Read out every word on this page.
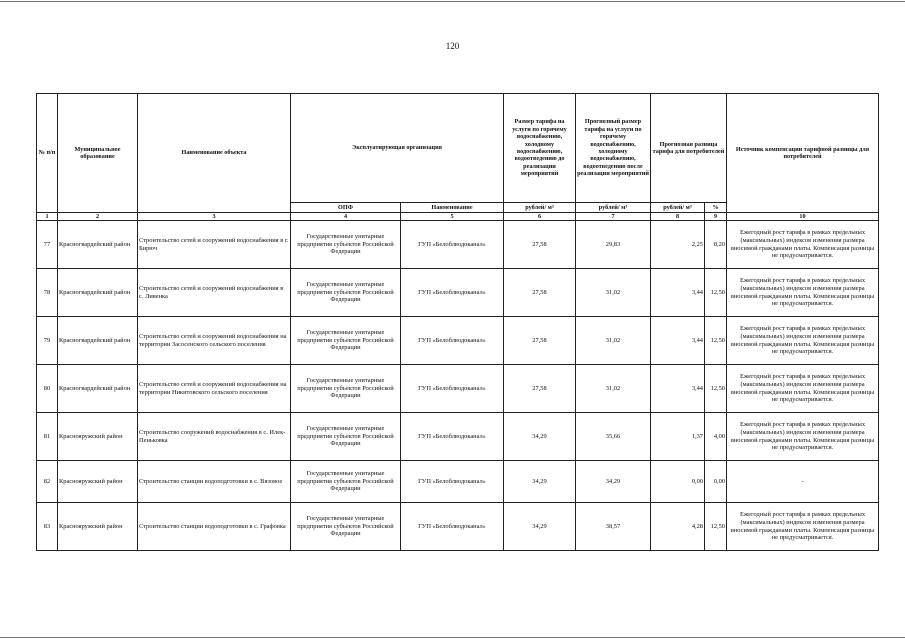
120
№ п/п	Муниципальное образование	Наименование объекта	Эксплуатирующая организация		Размер тарифа на услуги по горячему водоснабжению, холодному водоснабжению, водоотведению до реализации мероприятий	Прогнозный размер тарифа на услуги по горячему водоснабжению, холодному водоснабжению, водоотведению после реализации мероприятий	Прогнозная разница тарифа для потребителей		Источник компенсации тарифной разницы для потребителей
			ОПФ	Наименование	рублей/ м³	рублей/ м³	рублей/ м³	%	
1	2	3	4	5	6	7	8	9	10
77	Красногвардейский район	Строительство сетей и сооружений водоснабжения в г. Бирюч	Государственные унитарные предприятия субъектов Российской Федерации	ГУП «Белоблводоканал»	27,58	29,83	2,25	8,20	Ежегодный рост тарифа в рамках предельных (максимальных) индексов изменения размера вносимой гражданами платы. Компенсация разницы не предусматривается.
78	Красногвардейский район	Строительство сетей и сооружений водоснабжения в с. Ливенка	Государственные унитарные предприятия субъектов Российской Федерации	ГУП «Белоблводоканал»	27,58	31,02	3,44	12,50	Ежегодный рост тарифа в рамках предельных (максимальных) индексов изменения размера вносимой гражданами платы. Компенсация разницы не предусматривается.
79	Красногвардейский район	Строительство сетей и сооружений водоснабжения на территории Засосенского сельского поселения	Государственные унитарные предприятия субъектов Российской Федерации	ГУП «Белоблводоканал»	27,58	31,02	3,44	12,50	Ежегодный рост тарифа в рамках предельных (максимальных) индексов изменения размера вносимой гражданами платы. Компенсация разницы не предусматривается.
80	Красногвардейский район	Строительство сетей и сооружений водоснабжения на территории Никитовского сельского поселения	Государственные унитарные предприятия субъектов Российской Федерации	ГУП «Белоблводоканал»	27,58	31,02	3,44	12,50	Ежегодный рост тарифа в рамках предельных (максимальных) индексов изменения размера вносимой гражданами платы. Компенсация разницы не предусматривается.
81	Краснояружский район	Строительство сооружений водоснабжения в с. Илек-Пеньковка	Государственные унитарные предприятия субъектов Российской Федерации	ГУП «Белоблводоканал»	34,29	35,66	1,37	4,00	Ежегодный рост тарифа в рамках предельных (максимальных) индексов изменения размера вносимой гражданами платы. Компенсация разницы не предусматривается.
82	Краснояружский район	Строительство станции водоподготовки в с. Вязовое	Государственные унитарные предприятия субъектов Российской Федерации	ГУП «Белоблводоканал»	34,29	34,29	0,00	0,00	-
83	Краснояружский район	Строительство станции водоподготовки в с. Графовка	Государственные унитарные предприятия субъектов Российской Федерации	ГУП «Белоблводоканал»	34,29	38,57	4,28	12,50	Ежегодный рост тарифа в рамках предельных (максимальных) индексов изменения размера вносимой гражданами платы. Компенсация разницы не предусматривается.
